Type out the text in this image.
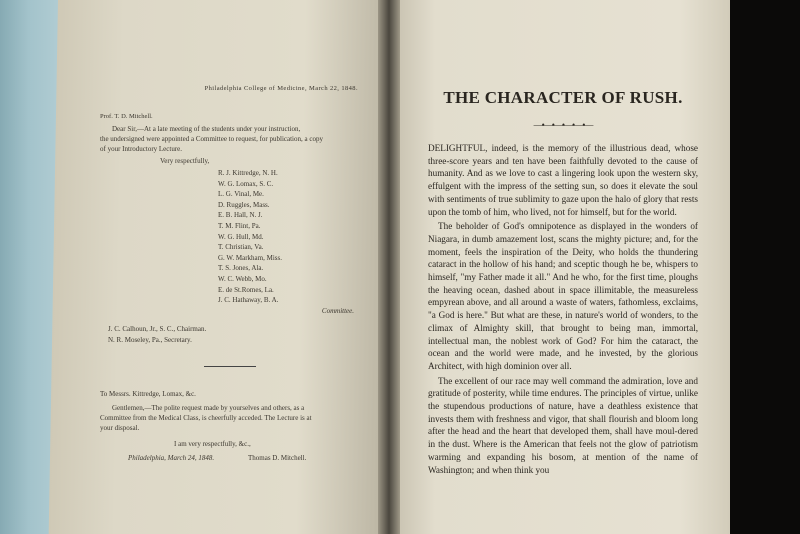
Philadelphia College of Medicine, March 22, 1848.
Prof. T. D. Mitchell.

Dear Sir,—At a late meeting of the students under your instruction,

the undersigned were appointed a Committee to request, for publication, a copy

of your Introductory Lecture.

Very respectfully,
R. J. Kittredge, N. H.
W. G. Lomax, S. C.
L. G. Vinal, Me.
D. Ruggles, Mass.
E. B. Hall, N. J.
T. M. Flint, Pa.
W. G. Hull, Md.
T. Christian, Va.
G. W. Markham, Miss.
T. S. Jones, Ala.
W. C. Webb, Mo.
E. de St.Romes, La.
J. C. Hathaway, B. A.
Committee.
J. C. Calhoun, Jr., S. C., Chairman.
N. R. Moseley, Pa., Secretary.
To Messrs. Kittredge, Lomax, &c.

Gentlemen,—The polite request made by yourselves and others, as a

Committee from the Medical Class, is cheerfully acceded. The Lecture is at

your disposal.

I am very respectfully, &c.,
Philadelphia, March 24, 1848.	Thomas D. Mitchell.
THE CHARACTER OF RUSH.
—•—•—•—•—•—

DELIGHTFUL, indeed, is the memory of the illustrious dead, whose three-score years and ten have been faithfully devoted to the cause of humanity. And as we love to cast a lingering look upon the western sky, effulgent with the impress of the setting sun, so does it elevate the soul with sentiments of true sublimity to gaze upon the halo of glory that rests upon the tomb of him, who lived, not for himself, but for the world.

The beholder of God's omnipotence as displayed in the wonders of Niagara, in dumb amazement lost, scans the mighty picture; and, for the moment, feels the inspiration of the Deity, who holds the thundering cataract in the hollow of his hand; and sceptic though he be, whispers to himself, "my Father made it all." And he who, for the first time, ploughs the heaving ocean, dashed about in space illimitable, the measureless empyrean above, and all around a waste of waters, fathomless, exclaims, "a God is here." But what are these, in nature's world of wonders, to the climax of Almighty skill, that brought to being man, immortal, intellectual man, the noblest work of God? For him the cataract, the ocean and the world were made, and he invested, by the glorious Architect, with high dominion over all.

The excellent of our race may well command the admiration, love and gratitude of posterity, while time endures. The principles of virtue, unlike the stupendous productions of nature, have a deathless existence that invests them with freshness and vigor, that shall flourish and bloom long after the head and the heart that developed them, shall have moul-dered in the dust. Where is the American that feels not the glow of patriotism warming and expanding his bosom, at mention of the name of Washington; and when think you
